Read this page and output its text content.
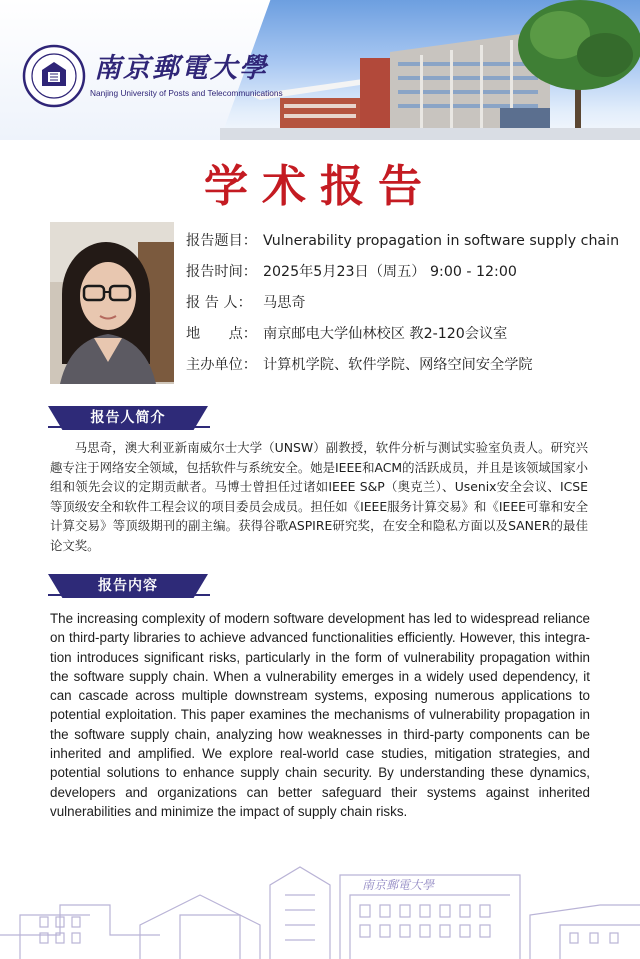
南京郵電大學
Nanjing University of Posts and Telecommunications
学术报告
报告题目： Vulnerability propagation in software supply chain
报告时间： 2025年5月23日（周五） 9:00 - 12:00
报 告 人： 马思奇
地　　点： 南京邮电大学仙林校区 教2-120会议室
主办单位： 计算机学院、软件学院、网络空间安全学院
报告人简介
马思奇，澳大利亚新南威尔士大学（UNSW）副教授，软件分析与测试实验室负责人。研究兴趣专注于网络安全领域，包括软件与系统安全。她是IEEE和ACM的活跃成员，并且是该领域国家小组和领先会议的定期贡献者。马博士曾担任过诸如IEEE S&P（奥克兰）、Usenix安全会议、ICSE等顶级安全和软件工程会议的项目委员会成员。担任如《IEEE服务计算交易》和《IEEE可靠和安全计算交易》等顶级期刊的副主编。获得谷歌ASPIRE研究奖，在安全和隐私方面以及SANER的最佳论文奖。
报告内容
The increasing complexity of modern software development has led to widespread reliance on third-party libraries to achieve advanced functionalities efficiently. However, this integration introduces significant risks, particularly in the form of vulnerability propagation within the software supply chain. When a vulnerability emerges in a widely used dependency, it can cascade across multiple downstream systems, exposing numerous applications to potential exploitation. This paper examines the mechanisms of vulnerability propagation in the software supply chain, analyzing how weaknesses in third-party components can be inherited and amplified. We explore real-world case studies, mitigation strategies, and potential solutions to enhance supply chain security. By understanding these dynamics, developers and organizations can better safeguard their systems against inherited vulnerabilities and minimize the impact of supply chain risks.
南京郵電大學
